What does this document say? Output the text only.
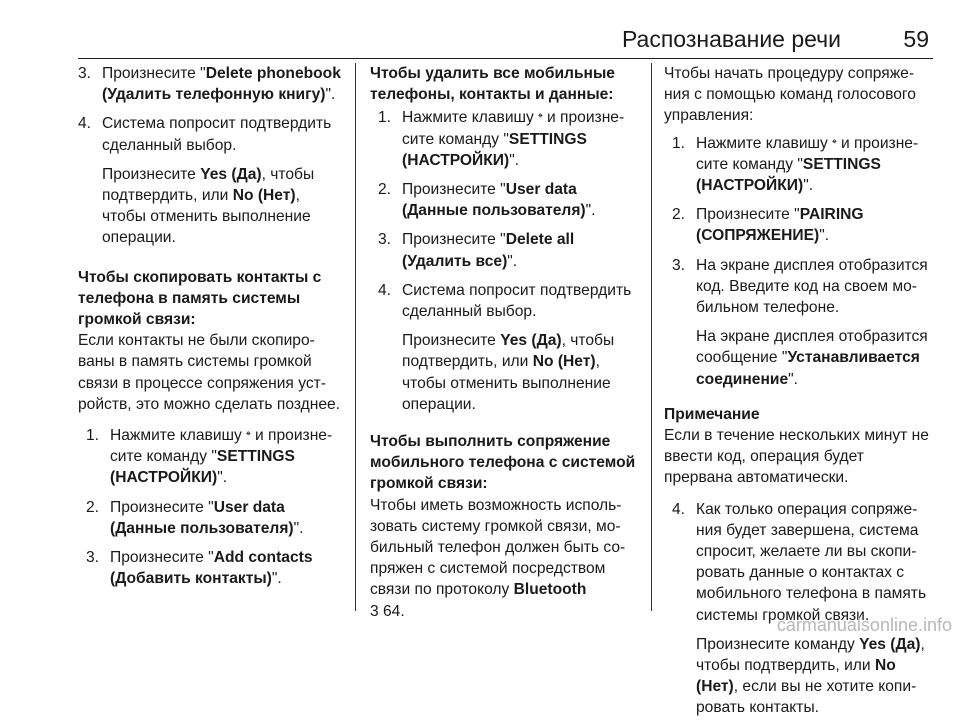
Распознавание речи	59
3. Произнесите "Delete phonebook (Удалить телефонную книгу)".
4. Система попросит подтвердить сделанный выбор.
Произнесите Yes (Да), чтобы подтвердить, или No (Нет), чтобы отменить выполнение операции.

Чтобы скопировать контакты с телефона в память системы громкой связи:

Если контакты не были скопированы в память системы громкой связи в процессе сопряжения устройств, это можно сделать позднее.

1. Нажмите клавишу 𝄌 и произнесите команду "SETTINGS (НАСТРОЙКИ)".
2. Произнесите "User data (Данные пользователя)".
3. Произнесите "Add contacts (Добавить контакты)".

Чтобы удалить все мобильные телефоны, контакты и данные:

1. Нажмите клавишу 𝄌 и произнесите команду "SETTINGS (НАСТРОЙКИ)".
2. Произнесите "User data (Данные пользователя)".
3. Произнесите "Delete all (Удалить все)".
4. Система попросит подтвердить сделанный выбор.
Произнесите Yes (Да), чтобы подтвердить, или No (Нет), чтобы отменить выполнение операции.

Чтобы выполнить сопряжение мобильного телефона с системой громкой связи:

Чтобы иметь возможность использовать систему громкой связи, мобильный телефон должен быть сопряжен с системой посредством связи по протоколу Bluetooth
3 64.

Чтобы начать процедуру сопряжения с помощью команд голосового управления:

1. Нажмите клавишу 𝄌 и произнесите команду "SETTINGS (НАСТРОЙКИ)".
2. Произнесите "PAIRING (СОПРЯЖЕНИЕ)".
3. На экране дисплея отобразится код. Введите код на своем мобильном телефоне.
На экране дисплея отобразится сообщение "Устанавливается соединение".

Примечание

Если в течение нескольких минут не ввести код, операция будет прервана автоматически.

4. Как только операция сопряжения будет завершена, система спросит, желаете ли вы скопировать данные о контактах с мобильного телефона в память системы громкой связи.
Произнесите команду Yes (Да), чтобы подтвердить, или No (Нет), если вы не хотите копировать контакты.
carmanualsonline.info
